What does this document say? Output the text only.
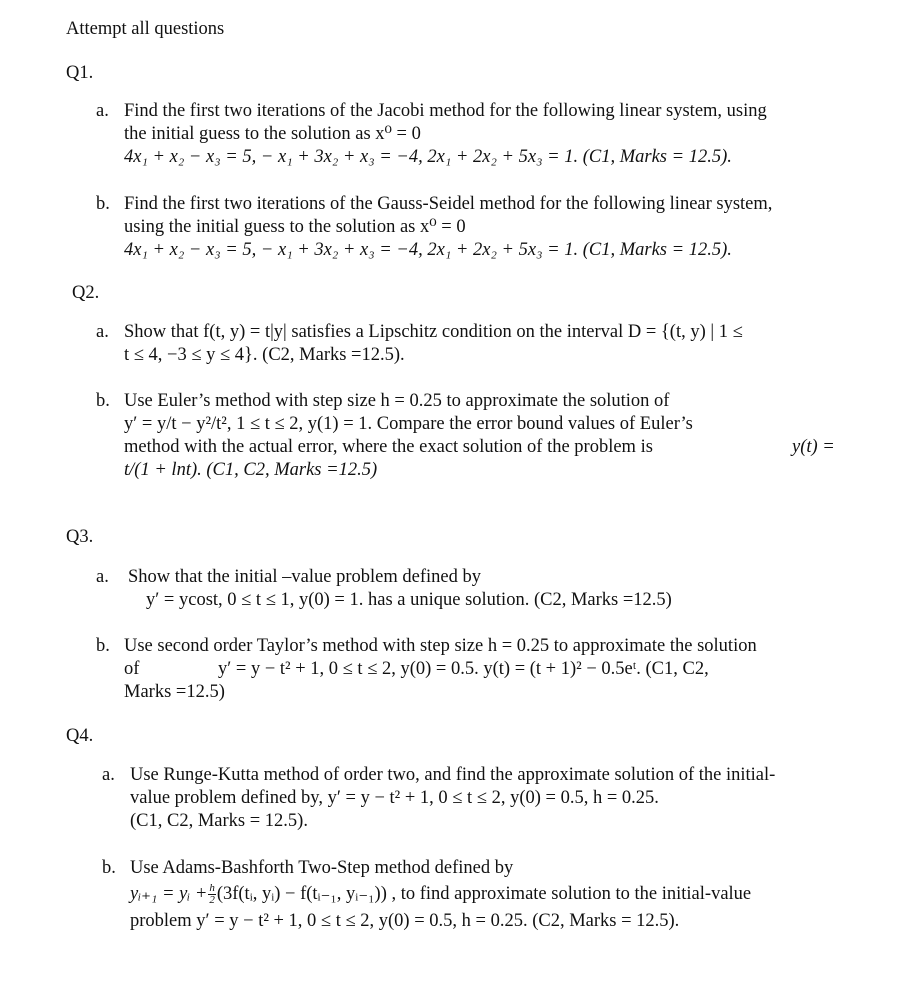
Attempt all questions
Q1.
a. Find the first two iterations of the Jacobi method for the following linear system, using
the initial guess to the solution as x⁰ = 0
4x₁ + x₂ − x₃ = 5, − x₁ + 3x₂ + x₃ = −4, 2x₁ + 2x₂ + 5x₃ = 1. (C1, Marks = 12.5).
b. Find the first two iterations of the Gauss-Seidel method for the following linear system,
using the initial guess to the solution as x⁰ = 0
4x₁ + x₂ − x₃ = 5, − x₁ + 3x₂ + x₃ = −4, 2x₁ + 2x₂ + 5x₃ = 1. (C1, Marks = 12.5).
Q2.
a. Show that f(t, y) = t|y| satisfies a Lipschitz condition on the interval D = {(t, y) | 1 ≤
t ≤ 4, −3 ≤ y ≤ 4}. (C2, Marks =12.5).
b. Use Euler’s method with step size h = 0.25 to approximate the solution of
y′ = y/t − y²/t², 1 ≤ t ≤ 2, y(1) = 1. Compare the error bound values of Euler’s
method with the actual error, where the exact solution of the problem is	y(t) =
t/(1 + lnt). (C1, C2, Marks =12.5)
Q3.
a. Show that the initial –value problem defined by
y′ = ycost, 0 ≤ t ≤ 1, y(0) = 1. has a unique solution. (C2, Marks =12.5)
b. Use second order Taylor’s method with step size h = 0.25 to approximate the solution
of	y′ = y − t² + 1, 0 ≤ t ≤ 2, y(0) = 0.5. y(t) = (t + 1)² − 0.5eᵗ. (C1, C2,
Marks =12.5)
Q4.
a. Use Runge-Kutta method of order two, and find the approximate solution of the initial-
value problem defined by, y′ = y − t² + 1, 0 ≤ t ≤ 2, y(0) = 0.5, h = 0.25.
(C1, C2, Marks = 12.5).
b. Use Adams-Bashforth Two-Step method defined by
yᵢ₊₁ = yᵢ + $\frac{h}{2}$ (3f(tᵢ, yᵢ) − f(tᵢ₋₁, yᵢ₋₁)) , to find approximate solution to the initial-value
problem y′ = y − t² + 1, 0 ≤ t ≤ 2, y(0) = 0.5, h = 0.25. (C2, Marks = 12.5).
